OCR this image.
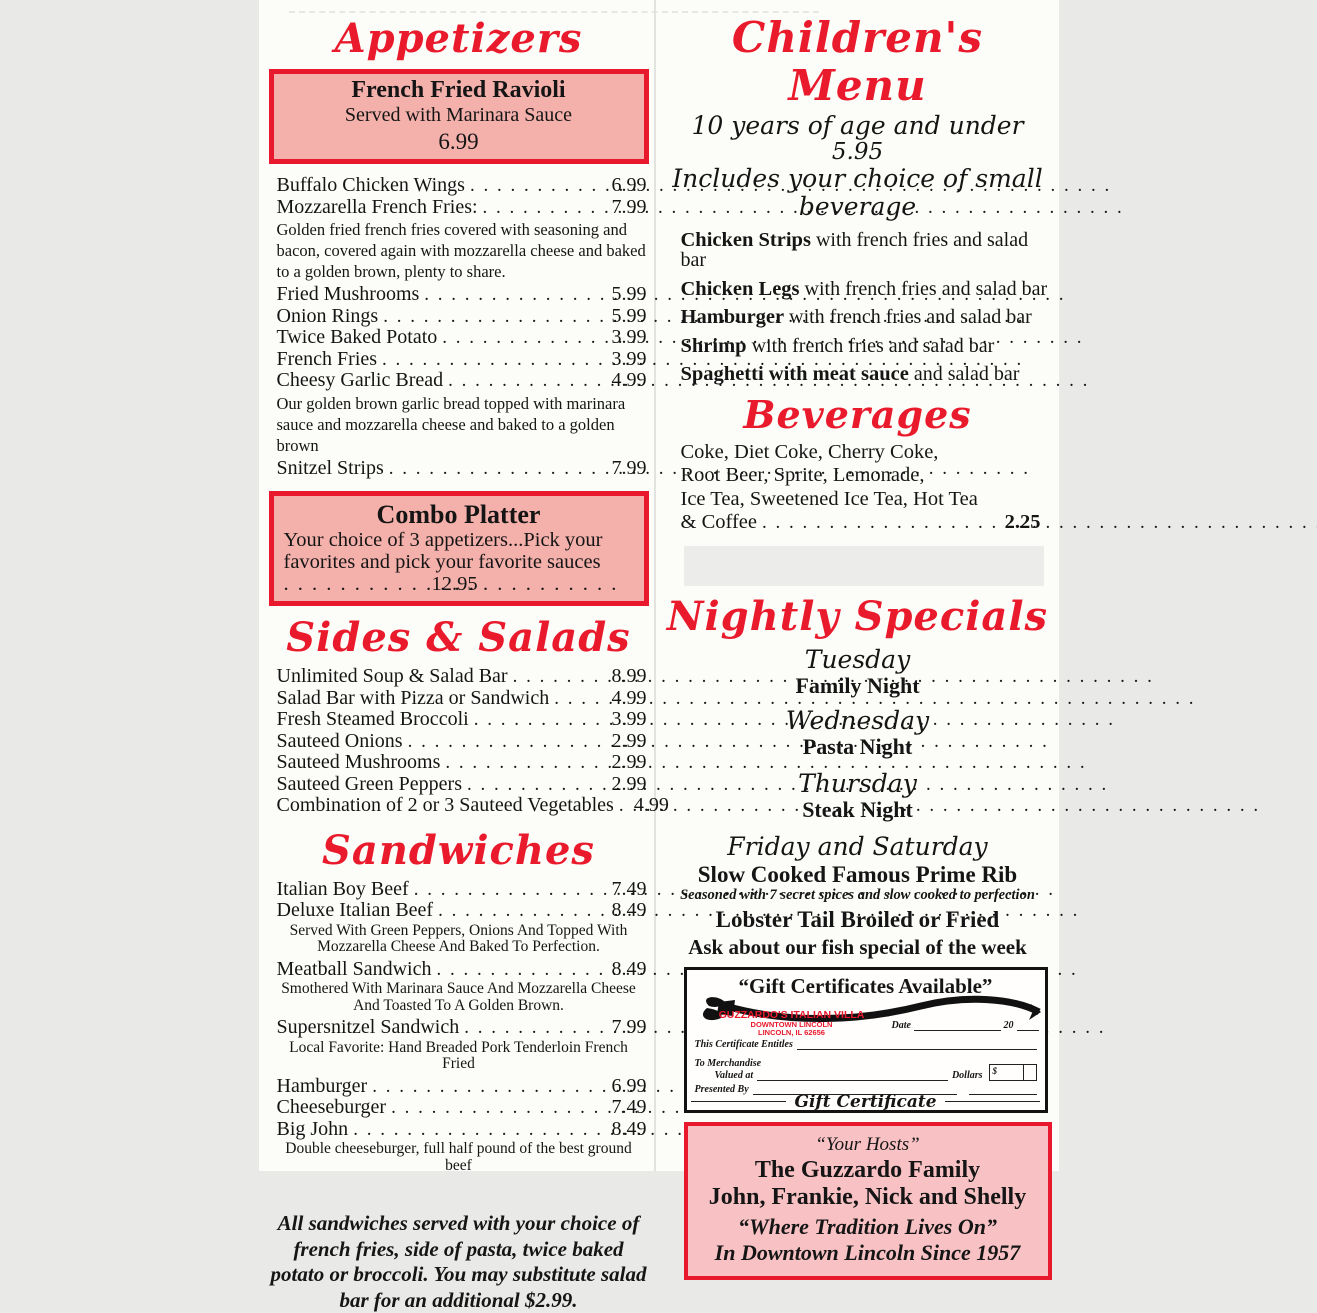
Appetizers
French Fried Ravioli
Served with Marinara Sauce
6.99
Buffalo Chicken Wings . . .	6.99
Mozzarella French Fries: . . .	7.99
Golden fried french fries covered with seasoning and bacon, covered again with mozzarella cheese and baked to a golden brown, plenty to share.
Fried Mushrooms . . .	5.99
Onion Rings . . .	5.99
Twice Baked Potato . . .	3.99
French Fries . . .	3.99
Cheesy Garlic Bread . . .	4.99
Our golden brown garlic bread topped with marinara sauce and mozzarella cheese and baked to a golden brown
Snitzel Strips . . .	7.99
Combo Platter
Your choice of 3 appetizers...Pick your favorites and pick your favorite sauces. . .12.95
Sides & Salads
Unlimited Soup & Salad Bar . . .	8.99
Salad Bar with Pizza or Sandwich . . .	4.99
Fresh Steamed Broccoli . . .	3.99
Sauteed Onions . . .	2.99
Sauteed Mushrooms . . .	2.99
Sauteed Green Peppers . . .	2.99
Combination of 2 or 3 Sauteed Vegetables . . . 4.99
Sandwiches
Italian Boy Beef . . .	7.49
Deluxe Italian Beef . . .	8.49
Served With Green Peppers, Onions And Topped With Mozzarella Cheese And Baked To Perfection.
Meatball Sandwich . . .	8.49
Smothered With Marinara Sauce And Mozzarella Cheese And Toasted To A Golden Brown.
Supersnitzel Sandwich . . .	7.99
Local Favorite: Hand Breaded Pork Tenderloin French Fried
Hamburger . . .	6.99
Cheeseburger . . .	7.49
Big John . . .	8.49
Double cheeseburger, full half pound of the best ground beef
All sandwiches served with your choice of french fries, side of pasta, twice baked potato or broccoli. You may substitute salad bar for an additional $2.99.
Children's Menu
10 years of age and under
5.95
Includes your choice of small beverage
Chicken Strips with french fries and salad bar
Chicken Legs with french fries and salad bar
Hamburger with french fries and salad bar
Shrimp with french fries and salad bar
Spaghetti with meat sauce and salad bar
Beverages
Coke, Diet Coke, Cherry Coke,
Root Beer, Sprite, Lemonade,
Ice Tea, Sweetened Ice Tea, Hot Tea
& Coffee . . .	2.25
Nightly Specials
Tuesday
Family Night
Wednesday
Pasta Night
Thursday
Steak Night
Friday and Saturday
Slow Cooked Famous Prime Rib
Seasoned with 7 secret spices and slow cooked to perfection
Lobster Tail Broiled or Fried
Ask about our fish special of the week
“Gift Certificates Available”
GUZZARDO'S ITALIAN VILLA
DOWNTOWN LINCOLN
LINCOLN, IL 62656
Date	20
This Certificate Entitles
To Merchandise
Valued at	Dollars	$
Presented By
Gift Certificate
“Your Hosts”
The Guzzardo Family
John, Frankie, Nick and Shelly
“Where Tradition Lives On”
In Downtown Lincoln Since 1957
